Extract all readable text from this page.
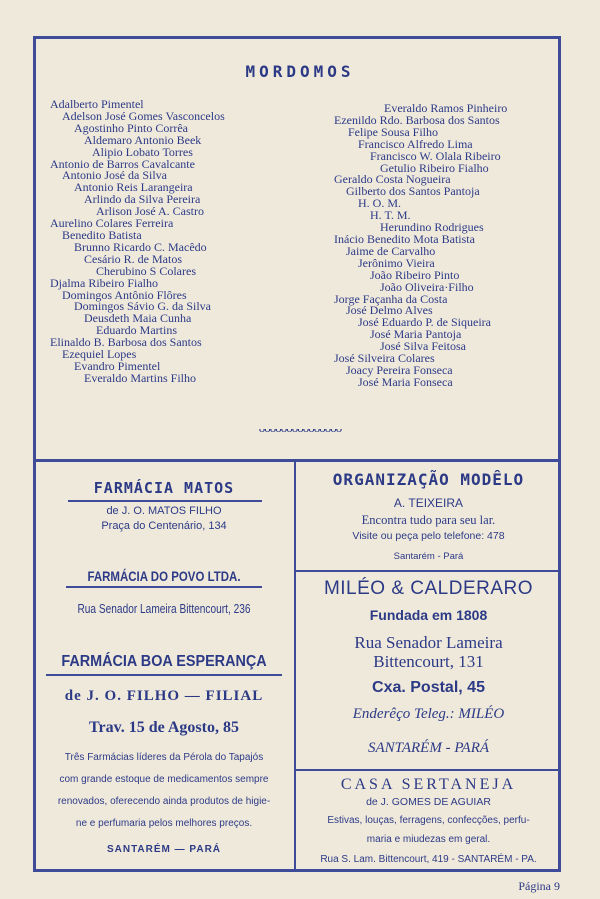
MORDOMOS
Adalberto Pimentel
Adelson José Gomes Vasconcelos
Agostinho Pinto Corrêa
Aldemaro Antonio Beek
Alipio Lobato Torres
Antonio de Barros Cavalcante
Antonio José da Silva
Antonio Reis Larangeira
Arlindo da Silva Pereira
Arlison José A. Castro
Aurelino Colares Ferreira
Benedito Batista
Brunno Ricardo C. Macêdo
Cesário R. de Matos
Cherubino S Colares
Djalma Ribeiro Fialho
Domingos Antônio Flôres
Domingos Sávio G. da Silva
Deusdeth Maia Cunha
Eduardo Martins
Elinaldo B. Barbosa dos Santos
Ezequiel Lopes
Evandro Pimentel
Everaldo Martins Filho
Everaldo Ramos Pinheiro
Ezenildo Rdo. Barbosa dos Santos
Felipe Sousa Filho
Francisco Alfredo Lima
Francisco W. Olala Ribeiro
Getulio Ribeiro Fialho
Geraldo Costa Nogueira
Gilberto dos Santos Pantoja
H. O. M.
H. T. M.
Herundino Rodrigues
Inácio Benedito Mota Batista
Jaime de Carvalho
Jerônimo Vieira
João Ribeiro Pinto
João Oliveira·Filho
Jorge Façanha da Costa
José Delmo Alves
José Eduardo P. de Siqueira
José Maria Pantoja
José Silva Feitosa
José Silveira Colares
Joacy Pereira Fonseca
José Maria Fonseca
ᴗᴗᴗᴗᴗᴗᴗᴗᴗᴗᴗᴗᴗᴗᴗ
FARMÁCIA MATOS
de J. O. MATOS FILHO
Praça do Centenário, 134
FARMÁCIA DO POVO LTDA.
Rua Senador Lameira Bittencourt, 236
FARMÁCIA BOA ESPERANÇA
de J. O. FILHO — FILIAL
Trav. 15 de Agosto, 85
Três Farmácias líderes da Pérola do Tapajós
com grande estoque de medicamentos sempre
renovados, oferecendo ainda produtos de higie-
ne e perfumaria pelos melhores preços.
SANTARÉM — PARÁ
ORGANIZAÇÃO MODÊLO
A. TEIXEIRA
Encontra tudo para seu lar.
Visite ou peça pelo telefone: 478
Santarém - Pará
MILÉO & CALDERARO
Fundada em 1808
Rua Senador Lameira
Bittencourt, 131
Cxa. Postal, 45
Enderêço Teleg.: MILÉO
SANTARÉM - PARÁ
CASA SERTANEJA
de J. GOMES DE AGUIAR
Estivas, louças, ferragens, confecções, perfu-
maria e miudezas em geral.
Rua S. Lam. Bittencourt, 419 - SANTARÉM - PA.
Página 9
